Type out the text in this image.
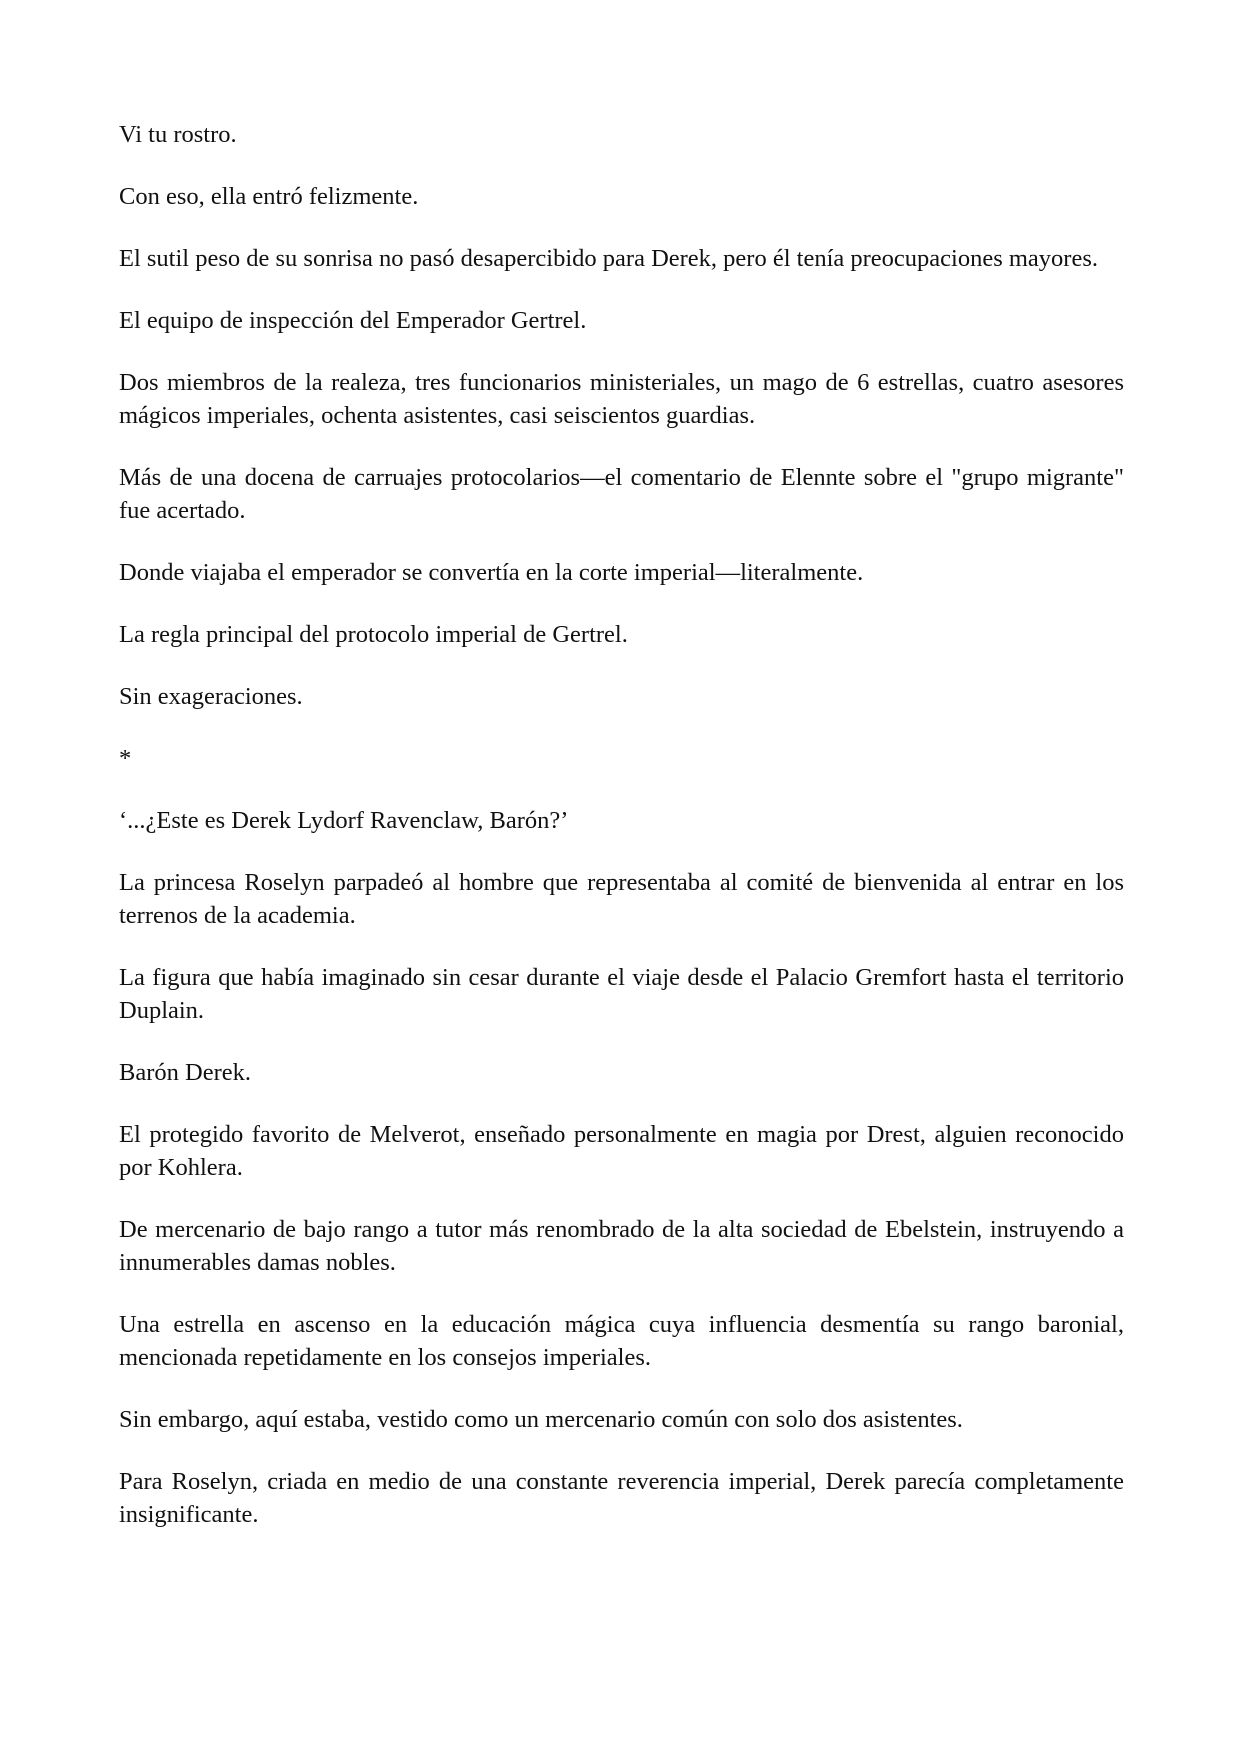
Vi tu rostro.

Con eso, ella entró felizmente.

El sutil peso de su sonrisa no pasó desapercibido para Derek, pero él tenía preocupaciones mayores.

El equipo de inspección del Emperador Gertrel.

Dos miembros de la realeza, tres funcionarios ministeriales, un mago de 6 estrellas, cuatro asesores mágicos imperiales, ochenta asistentes, casi seiscientos guardias.

Más de una docena de carruajes protocolarios—el comentario de Elennte sobre el "grupo migrante" fue acertado.

Donde viajaba el emperador se convertía en la corte imperial—literalmente.

La regla principal del protocolo imperial de Gertrel.

Sin exageraciones.

*

‘...¿Este es Derek Lydorf Ravenclaw, Barón?’

La princesa Roselyn parpadeó al hombre que representaba al comité de bienvenida al entrar en los terrenos de la academia.

La figura que había imaginado sin cesar durante el viaje desde el Palacio Gremfort hasta el territorio Duplain.

Barón Derek.

El protegido favorito de Melverot, enseñado personalmente en magia por Drest, alguien reconocido por Kohlera.

De mercenario de bajo rango a tutor más renombrado de la alta sociedad de Ebelstein, instruyendo a innumerables damas nobles.

Una estrella en ascenso en la educación mágica cuya influencia desmentía su rango baronial, mencionada repetidamente en los consejos imperiales.

Sin embargo, aquí estaba, vestido como un mercenario común con solo dos asistentes.

Para Roselyn, criada en medio de una constante reverencia imperial, Derek parecía completamente insignificante.
